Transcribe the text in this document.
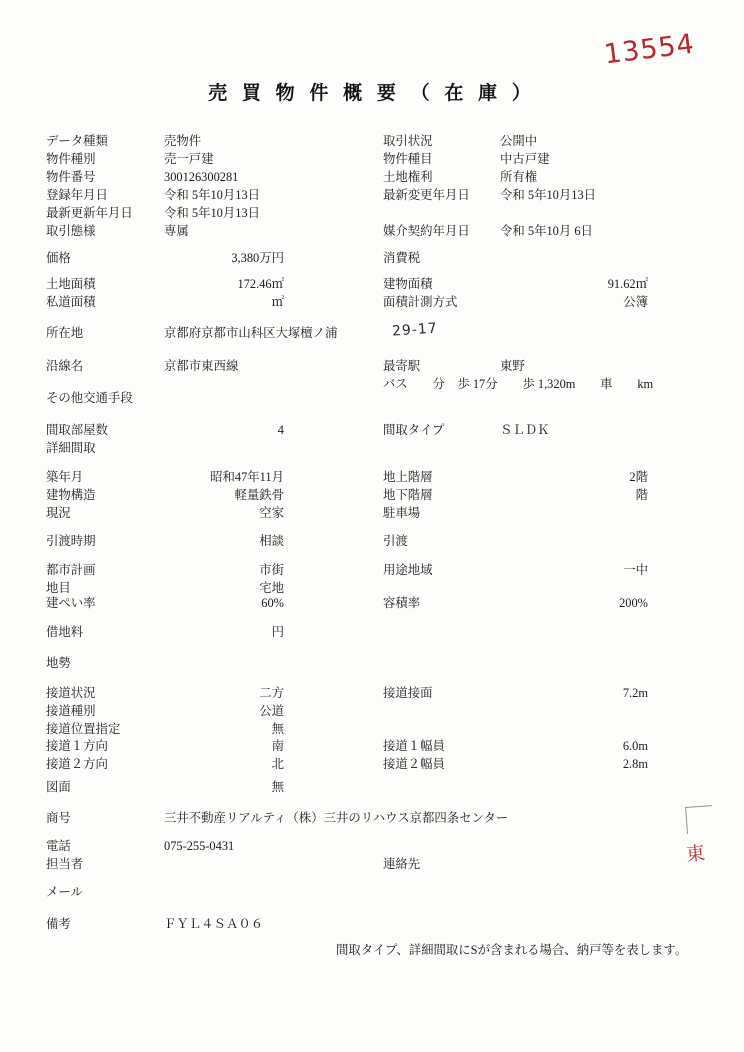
13554
売 買 物 件 概 要 （ 在 庫 ）
データ種類	売物件	取引状況	公開中
物件種別	売一戸建	物件種目	中古戸建
物件番号	300126300281	土地権利	所有権
登録年月日	令和 5年10月13日	最新変更年月日 令和 5年10月13日
最新更新年月日	令和 5年10月13日
取引態様	専属	媒介契約年月日 令和 5年10月 6日
価格	3,380万円	消費税
土地面積	172.46㎡	建物面積	91.62㎡
私道面積	㎡	面積計測方式	公簿
所在地	京都府京都市山科区大塚檀ノ浦
沿線名	京都市東西線	最寄駅	東野
バス　　分　歩 17分　　歩 1,320m　　車　　km
その他交通手段
間取部屋数	4	間取タイプ	ＳＬＤＫ
詳細間取
築年月	昭和47年11月	地上階層	2階
建物構造	軽量鉄骨	地下階層	階
現況	空家	駐車場
引渡時期	相談	引渡
都市計画	市街	用途地域	一中
地目	宅地
建ぺい率	60%	容積率	200%
借地料	円
地勢
接道状況	二方	接道接面	7.2m
接道種別	公道
接道位置指定	無
接道１方向	南	接道１幅員	6.0m
接道２方向	北	接道２幅員	2.8m
図面	無
商号	三井不動産リアルティ（株）三井のリハウス京都四条センター
電話	075-255-0431
担当者	連絡先
メール
備考	ＦＹＬ４ＳＡ０６
29-17
東
間取タイプ、詳細間取にSが含まれる場合、納戸等を表します。
